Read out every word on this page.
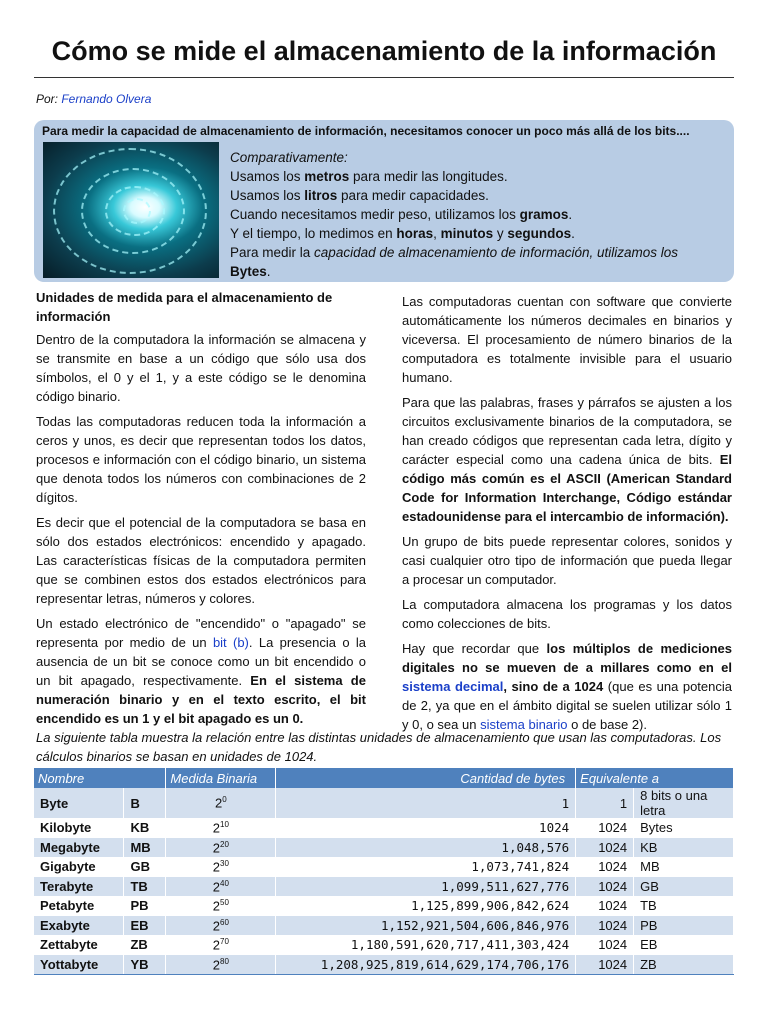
Cómo se mide el almacenamiento de la información
Por: Fernando Olvera
Para medir la capacidad de almacenamiento de información, necesitamos conocer un poco más allá de los bits....
Comparativamente:
Usamos los metros para medir las longitudes.
Usamos los litros para medir capacidades.
Cuando necesitamos medir peso, utilizamos los gramos.
Y el tiempo, lo medimos en horas, minutos y segundos.
Para medir la capacidad de almacenamiento de información, utilizamos los
Bytes.

Unidades de medida para el almacenamiento de información

Dentro de la computadora la información se almacena y se transmite en base a un código que sólo usa dos símbolos, el 0 y el 1, y a este código se le denomina código binario.

Todas las computadoras reducen toda la información a ceros y unos, es decir que representan todos los datos, procesos e información con el código binario, un sistema que denota todos los números con combinaciones de 2 dígitos.

Es decir que el potencial de la computadora se basa en sólo dos estados electrónicos: encendido y apagado. Las características físicas de la computadora permiten que se combinen estos dos estados electrónicos para representar letras, números y colores.

Un estado electrónico de "encendido" o "apagado" se representa por medio de un bit (b). La presencia o la ausencia de un bit se conoce como un bit encendido o un bit apagado, respectivamente. En el sistema de numeración binario y en el texto escrito, el bit encendido es un 1 y el bit apagado es un 0.

Las computadoras cuentan con software que convierte automáticamente los números decimales en binarios y viceversa. El procesamiento de número binarios de la computadora es totalmente invisible para el usuario humano.

Para que las palabras, frases y párrafos se ajusten a los circuitos exclusivamente binarios de la computadora, se han creado códigos que representan cada letra, dígito y carácter especial como una cadena única de bits. El código más común es el ASCII (American Standard Code for Information Interchange, Código estándar estadounidense para el intercambio de información).

Un grupo de bits puede representar colores, sonidos y casi cualquier otro tipo de información que pueda llegar a procesar un computador.

La computadora almacena los programas y los datos como colecciones de bits.

Hay que recordar que los múltiplos de mediciones digitales no se mueven de a millares como en el sistema decimal, sino de a 1024 (que es una potencia de 2, ya que en el ámbito digital se suelen utilizar sólo 1 y 0, o sea un sistema binario o de base 2).

La siguiente tabla muestra la relación entre las distintas unidades de almacenamiento que usan las computadoras. Los cálculos binarios se basan en unidades de 1024.
Nombre		Medida Binaria	Cantidad de bytes	Equivalente a	
Byte	B	$2^0$	1	1	8 bits o una letra
Kilobyte	KB	$2^{10}$	1024	1024	Bytes
Megabyte	MB	$2^{20}$	1,048,576	1024	KB
Gigabyte	GB	$2^{30}$	1,073,741,824	1024	MB
Terabyte	TB	$2^{40}$	1,099,511,627,776	1024	GB
Petabyte	PB	$2^{50}$	1,125,899,906,842,624	1024	TB
Exabyte	EB	$2^{60}$	1,152,921,504,606,846,976	1024	PB
Zettabyte	ZB	$2^{70}$	1,180,591,620,717,411,303,424	1024	EB
Yottabyte	YB	$2^{80}$	1,208,925,819,614,629,174,706,176	1024	ZB
